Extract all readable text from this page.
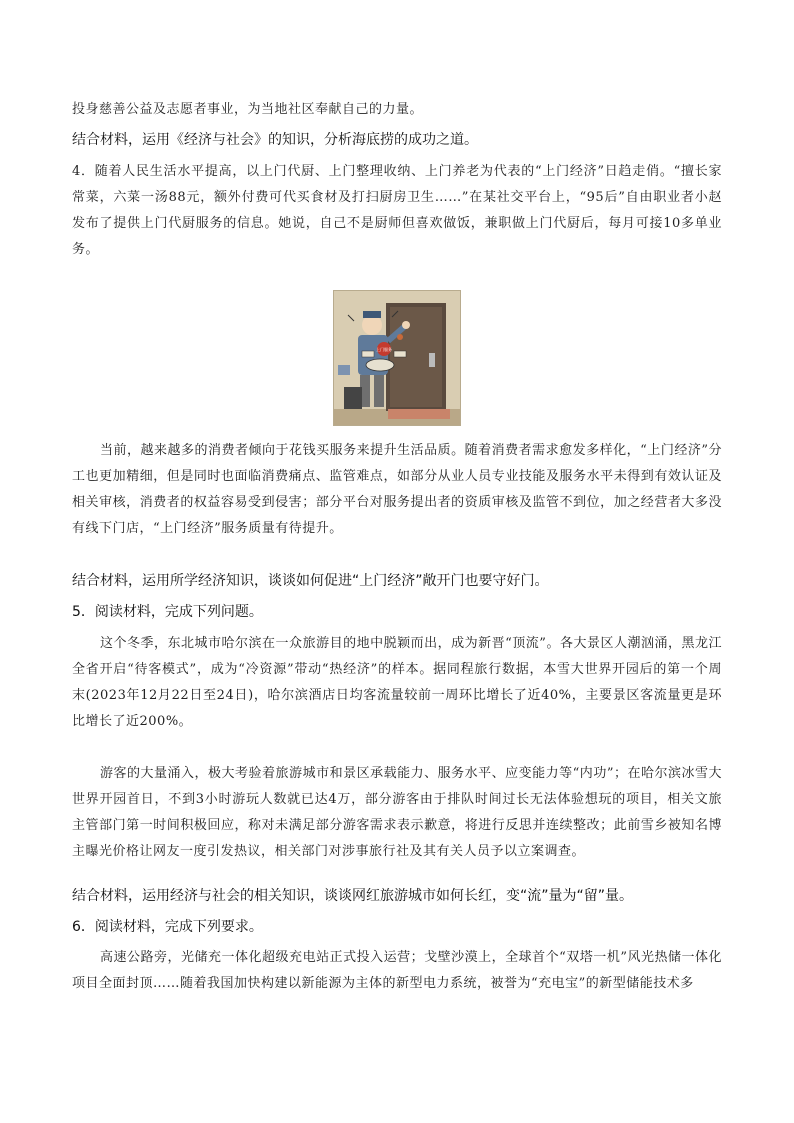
投身慈善公益及志愿者事业，为当地社区奉献自己的力量。
结合材料，运用《经济与社会》的知识，分析海底捞的成功之道。
4．随着人民生活水平提高，以上门代厨、上门整理收纳、上门养老为代表的“上门经济”日趋走俏。“擅长家常菜，六菜一汤88元，额外付费可代买食材及打扫厨房卫生……”在某社交平台上，“95后”自由职业者小赵发布了提供上门代厨服务的信息。她说，自己不是厨师但喜欢做饭，兼职做上门代厨后，每月可接10多单业务。
上门服务
当前，越来越多的消费者倾向于花钱买服务来提升生活品质。随着消费者需求愈发多样化，“上门经济”分工也更加精细，但是同时也面临消费痛点、监管难点，如部分从业人员专业技能及服务水平未得到有效认证及相关审核，消费者的权益容易受到侵害；部分平台对服务提出者的资质审核及监管不到位，加之经营者大多没有线下门店，“上门经济”服务质量有待提升。
结合材料，运用所学经济知识，谈谈如何促进“上门经济”敞开门也要守好门。
5．阅读材料，完成下列问题。
这个冬季，东北城市哈尔滨在一众旅游目的地中脱颖而出，成为新晋“顶流”。各大景区人潮汹涌，黑龙江全省开启“待客模式”，成为“冷资源”带动“热经济”的样本。据同程旅行数据，本雪大世界开园后的第一个周末(2023年12月22日至24日)，哈尔滨酒店日均客流量较前一周环比增长了近40%，主要景区客流量更是环比增长了近200%。
游客的大量涌入，极大考验着旅游城市和景区承载能力、服务水平、应变能力等“内功”；在哈尔滨冰雪大世界开园首日，不到3小时游玩人数就已达4万，部分游客由于排队时间过长无法体验想玩的项目，相关文旅主管部门第一时间积极回应，称对未满足部分游客需求表示歉意，将进行反思并连续整改；此前雪乡被知名博主曝光价格让网友一度引发热议，相关部门对涉事旅行社及其有关人员予以立案调查。
结合材料，运用经济与社会的相关知识，谈谈网红旅游城市如何长红，变“流”量为“留”量。
6．阅读材料，完成下列要求。
高速公路旁，光储充一体化超级充电站正式投入运营；戈壁沙漠上，全球首个“双塔一机”风光热储一体化项目全面封顶……随着我国加快构建以新能源为主体的新型电力系统，被誉为“充电宝”的新型储能技术多
